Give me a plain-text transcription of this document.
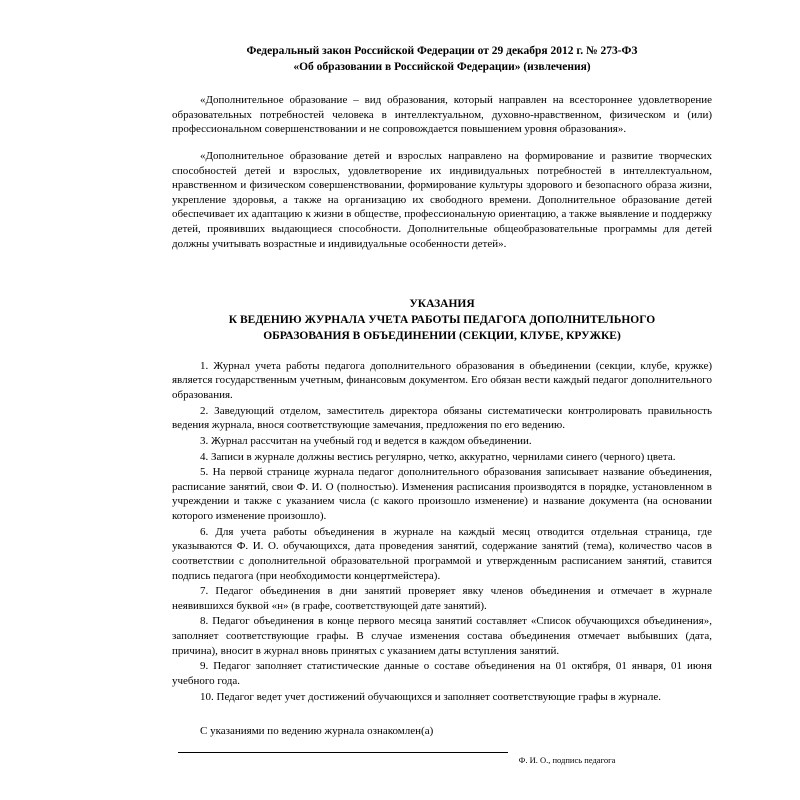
Федеральный закон Российской Федерации от 29 декабря 2012 г. № 273-ФЗ
«Об образовании в Российской Федерации» (извлечения)

«Дополнительное образование – вид образования, который направлен на всестороннее удовлетворение образовательных потребностей человека в интеллектуальном, духовно-нравственном, физическом и (или) профессиональном совершенствовании и не сопровождается повышением уровня образования».

«Дополнительное образование детей и взрослых направлено на формирование и развитие творческих способностей детей и взрослых, удовлетворение их индивидуальных потребностей в интеллектуальном, нравственном и физическом совершенствовании, формирование культуры здорового и безопасного образа жизни, укрепление здоровья, а также на организацию их свободного времени. Дополнительное образование детей обеспечивает их адаптацию к жизни в обществе, профессиональную ориентацию, а также выявление и поддержку детей, проявивших выдающиеся способности. Дополнительные общеобразовательные программы для детей должны учитывать возрастные и индивидуальные особенности детей».

УКАЗАНИЯ
К ВЕДЕНИЮ ЖУРНАЛА УЧЕТА РАБОТЫ ПЕДАГОГА ДОПОЛНИТЕЛЬНОГО
ОБРАЗОВАНИЯ В ОБЪЕДИНЕНИИ (СЕКЦИИ, КЛУБЕ, КРУЖКЕ)
1. Журнал учета работы педагога дополнительного образования в объединении (секции, клубе, кружке) является государственным учетным, финансовым документом. Его обязан вести каждый педагог дополнительного образования.
2. Заведующий отделом, заместитель директора обязаны систематически контролировать правильность ведения журнала, внося соответствующие замечания, предложения по его ведению.
3. Журнал рассчитан на учебный год и ведется в каждом объединении.
4. Записи в журнале должны вестись регулярно, четко, аккуратно, чернилами синего (черного) цвета.
5. На первой странице журнала педагог дополнительного образования записывает название объединения, расписание занятий, свои Ф. И. О (полностью). Изменения расписания производятся в порядке, установленном в учреждении и также с указанием числа (с какого произошло изменение) и название документа (на основании которого изменение произошло).
6. Для учета работы объединения в журнале на каждый месяц отводится отдельная страница, где указываются Ф. И. О. обучающихся, дата проведения занятий, содержание занятий (тема), количество часов в соответствии с дополнительной образовательной программой и утвержденным расписанием занятий, ставится подпись педагога (при необходимости концертмейстера).
7. Педагог объединения в дни занятий проверяет явку членов объединения и отмечает в журнале неявившихся буквой «н» (в графе, соответствующей дате занятий).
8. Педагог объединения в конце первого месяца занятий составляет «Список обучающихся объединения», заполняет соответствующие графы. В случае изменения состава объединения отмечает выбывших (дата, причина), вносит в журнал вновь принятых с указанием даты вступления занятий.
9. Педагог заполняет статистические данные о составе объединения на 01 октября, 01 января, 01 июня учебного года.
10. Педагог ведет учет достижений обучающихся и заполняет соответствующие графы в журнале.
С указаниями по ведению журнала ознакомлен(а)
Ф. И. О., подпись педагога
